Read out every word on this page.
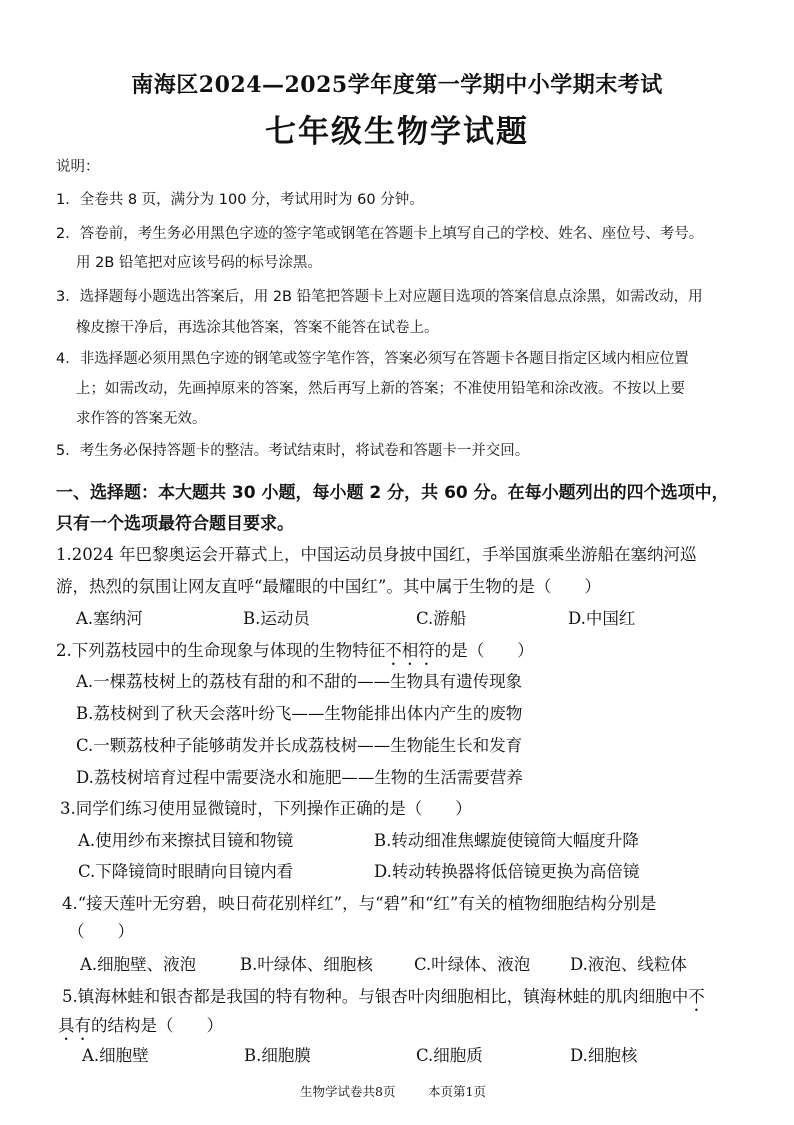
南海区2024—2025学年度第一学期中小学期末考试
七年级生物学试题
说明：
1．全卷共 8 页，满分为 100 分，考试用时为 60 分钟。
2．答卷前，考生务必用黑色字迹的签字笔或钢笔在答题卡上填写自己的学校、姓名、座位号、考号。
用 2B 铅笔把对应该号码的标号涂黑。
3．选择题每小题选出答案后，用 2B 铅笔把答题卡上对应题目选项的答案信息点涂黑，如需改动，用
橡皮擦干净后，再选涂其他答案，答案不能答在试卷上。
4．非选择题必须用黑色字迹的钢笔或签字笔作答，答案必须写在答题卡各题目指定区域内相应位置
上；如需改动，先画掉原来的答案，然后再写上新的答案；不准使用铅笔和涂改液。不按以上要
求作答的答案无效。
5．考生务必保持答题卡的整洁。考试结束时，将试卷和答题卡一并交回。
一、选择题：本大题共 30 小题，每小题 2 分，共 60 分。在每小题列出的四个选项中，
只有一个选项最符合题目要求。
1.2024 年巴黎奥运会开幕式上，中国运动员身披中国红，手举国旗乘坐游船在塞纳河巡
游，热烈的氛围让网友直呼“最耀眼的中国红”。其中属于生物的是（　　）
A.塞纳河	B.运动员	C.游船	D.中国红
2.下列荔枝园中的生命现象与体现的生物特征不相符的是（　　）
A.一棵荔枝树上的荔枝有甜的和不甜的——生物具有遗传现象
B.荔枝树到了秋天会落叶纷飞——生物能排出体内产生的废物
C.一颗荔枝种子能够萌发并长成荔枝树——生物能生长和发育
D.荔枝树培育过程中需要浇水和施肥——生物的生活需要营养
3.同学们练习使用显微镜时，下列操作正确的是（　　）
A.使用纱布来擦拭目镜和物镜	B.转动细准焦螺旋使镜筒大幅度升降
C.下降镜筒时眼睛向目镜内看	D.转动转换器将低倍镜更换为高倍镜
4.“接天莲叶无穷碧，映日荷花别样红”，与“碧”和“红”有关的植物细胞结构分别是
（　　）
A.细胞壁、液泡	B.叶绿体、细胞核 C.叶绿体、液泡 D.液泡、线粒体
5.镇海林蛙和银杏都是我国的特有物种。与银杏叶肉细胞相比，镇海林蛙的肌肉细胞中不
具有的结构是（　　）
A.细胞壁	B.细胞膜	C.细胞质	D.细胞核
生物学试卷共8页	本页第1页
